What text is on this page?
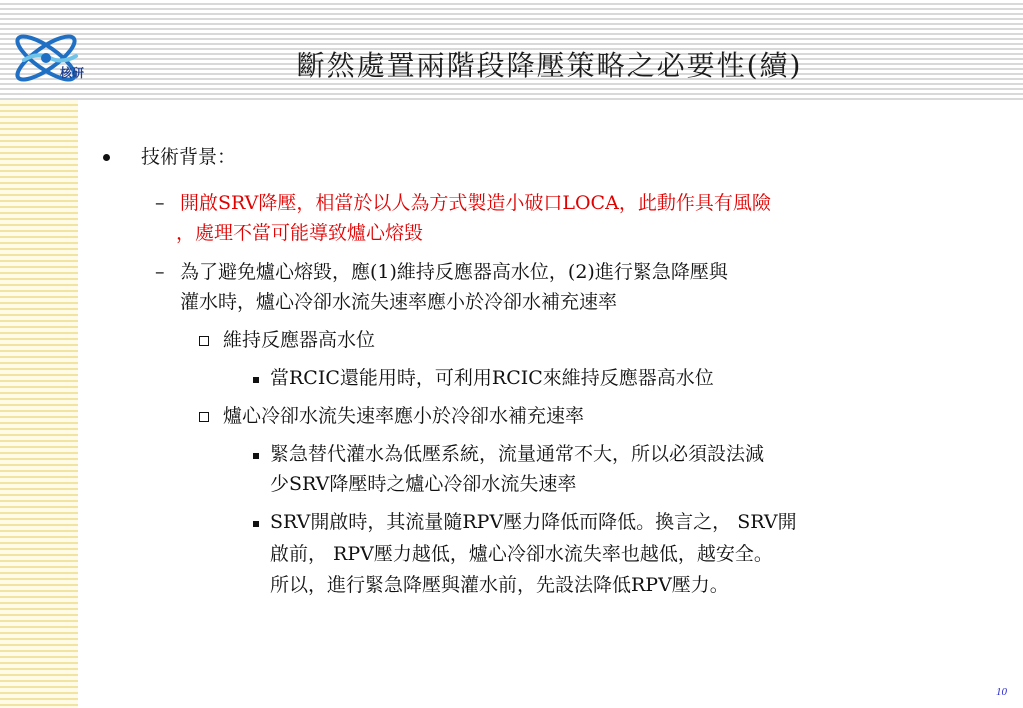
核研	斷然處置兩階段降壓策略之必要性(續)
技術背景：
– 開啟SRV降壓，相當於以人為方式製造小破口LOCA，此動作具有風險
，處理不當可能導致爐心熔毀
– 為了避免爐心熔毀，應(1)維持反應器高水位，(2)進行緊急降壓與
灌水時，爐心冷卻水流失速率應小於冷卻水補充速率
維持反應器高水位
當RCIC還能用時，可利用RCIC來維持反應器高水位
爐心冷卻水流失速率應小於冷卻水補充速率
緊急替代灌水為低壓系統，流量通常不大，所以必須設法減
少SRV降壓時之爐心冷卻水流失速率
SRV開啟時，其流量隨RPV壓力降低而降低。換言之， SRV開
啟前， RPV壓力越低，爐心冷卻水流失率也越低，越安全。
所以，進行緊急降壓與灌水前，先設法降低RPV壓力。
10
